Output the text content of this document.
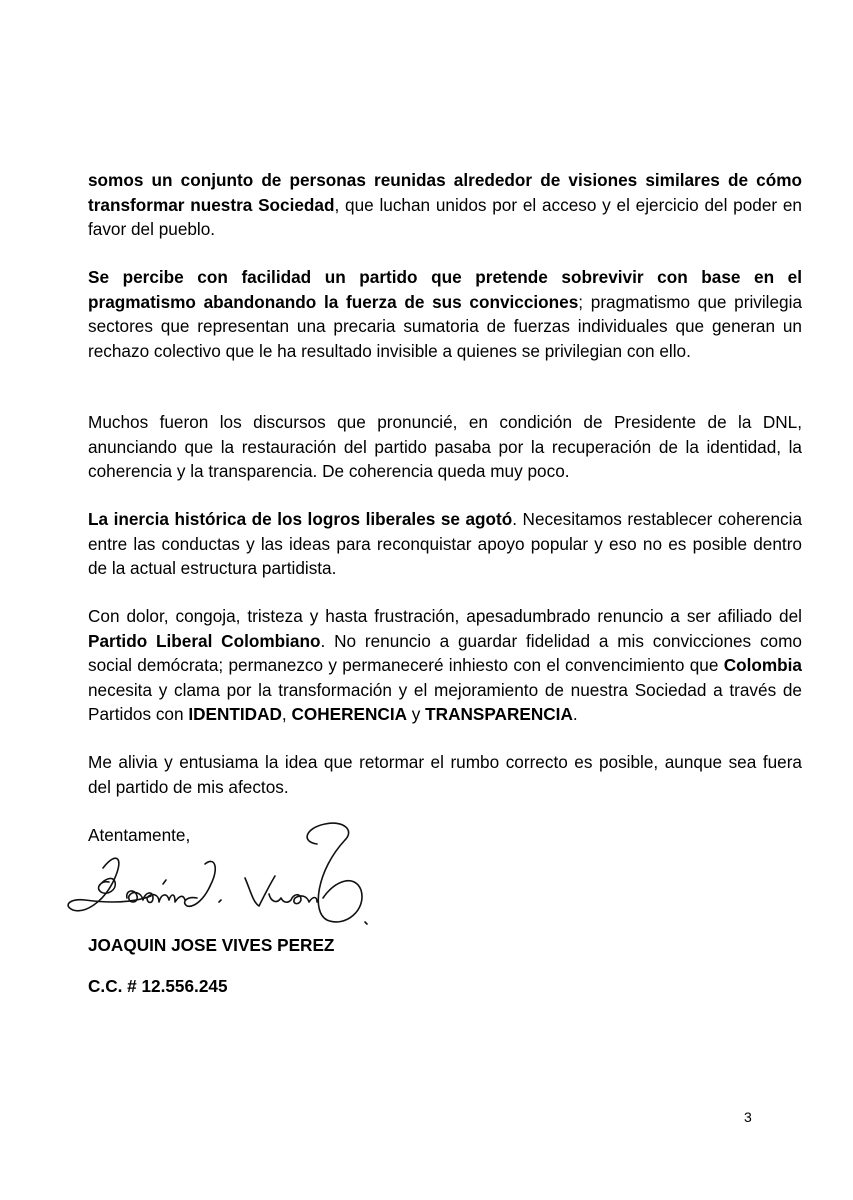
somos un conjunto de personas reunidas alrededor de visiones similares de cómo transformar nuestra Sociedad, que luchan unidos por el acceso y el ejercicio del poder en favor del pueblo.

Se percibe con facilidad un partido que pretende sobrevivir con base en el pragmatismo abandonando la fuerza de sus convicciones; pragmatismo que privilegia sectores que representan una precaria sumatoria de fuerzas individuales que generan un rechazo colectivo que le ha resultado invisible a quienes se privilegian con ello.

Muchos fueron los discursos que pronuncié, en condición de Presidente de la DNL, anunciando que la restauración del partido pasaba por la recuperación de la identidad, la coherencia y la transparencia. De coherencia queda muy poco.

La inercia histórica de los logros liberales se agotó. Necesitamos restablecer coherencia entre las conductas y las ideas para reconquistar apoyo popular y eso no es posible dentro de la actual estructura partidista.

Con dolor, congoja, tristeza y hasta frustración, apesadumbrado renuncio a ser afiliado del Partido Liberal Colombiano. No renuncio a guardar fidelidad a mis convicciones como social demócrata; permanezco y permaneceré inhiesto con el convencimiento que Colombia necesita y clama por la transformación y el mejoramiento de nuestra Sociedad a través de Partidos con IDENTIDAD, COHERENCIA y TRANSPARENCIA.

Me alivia y entusiama la idea que retormar el rumbo correcto es posible, aunque sea fuera del partido de mis afectos.

Atentamente,

JOAQUIN JOSE VIVES PEREZ

C.C. # 12.556.245

3
